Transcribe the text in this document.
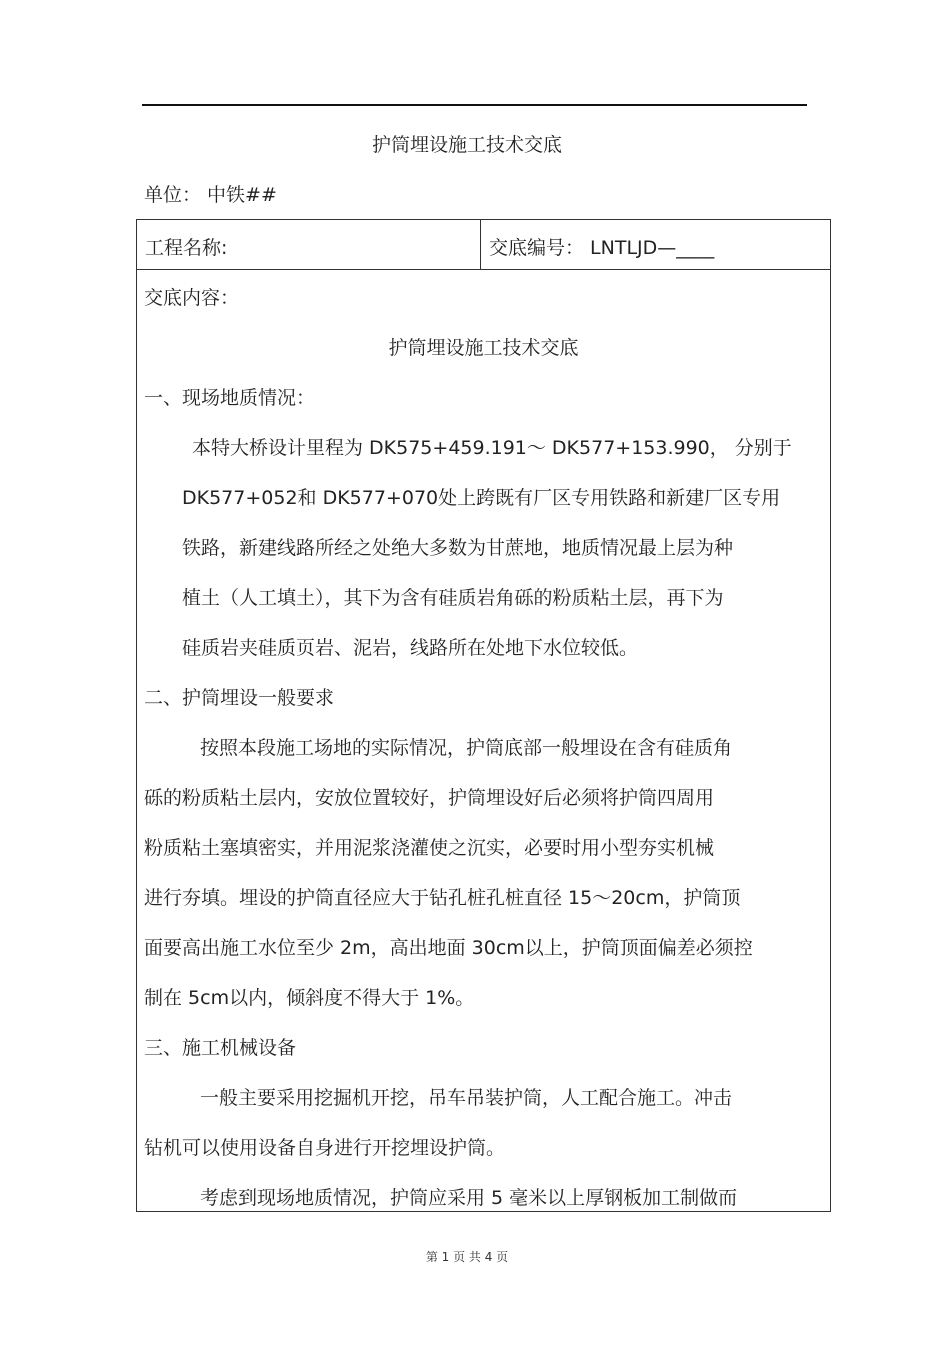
护筒埋设施工技术交底
单位： 中铁##
工程名称:	交底编号： LNTLJD—____
交底内容：
护筒埋设施工技术交底
一、现场地质情况：
本特大桥设计里程为 DK575+459.191～ DK577+153.990， 分别于
DK577+052和 DK577+070处上跨既有厂区专用铁路和新建厂区专用
铁路，新建线路所经之处绝大多数为甘蔗地，地质情况最上层为种
植土（人工填土），其下为含有硅质岩角砾的粉质粘土层，再下为
硅质岩夹硅质页岩、泥岩，线路所在处地下水位较低。
二、护筒埋设一般要求
按照本段施工场地的实际情况，护筒底部一般埋设在含有硅质角
砾的粉质粘土层内，安放位置较好，护筒埋设好后必须将护筒四周用
粉质粘土塞填密实，并用泥浆浇灌使之沉实，必要时用小型夯实机械
进行夯填。埋设的护筒直径应大于钻孔桩孔桩直径 15～20cm，护筒顶
面要高出施工水位至少 2m，高出地面 30cm以上，护筒顶面偏差必须控
制在 5cm以内，倾斜度不得大于 1%。
三、施工机械设备
一般主要采用挖掘机开挖，吊车吊装护筒，人工配合施工。冲击
钻机可以使用设备自身进行开挖埋设护筒。
考虑到现场地质情况，护筒应采用 5 毫米以上厚钢板加工制做而
第 1 页 共 4 页
